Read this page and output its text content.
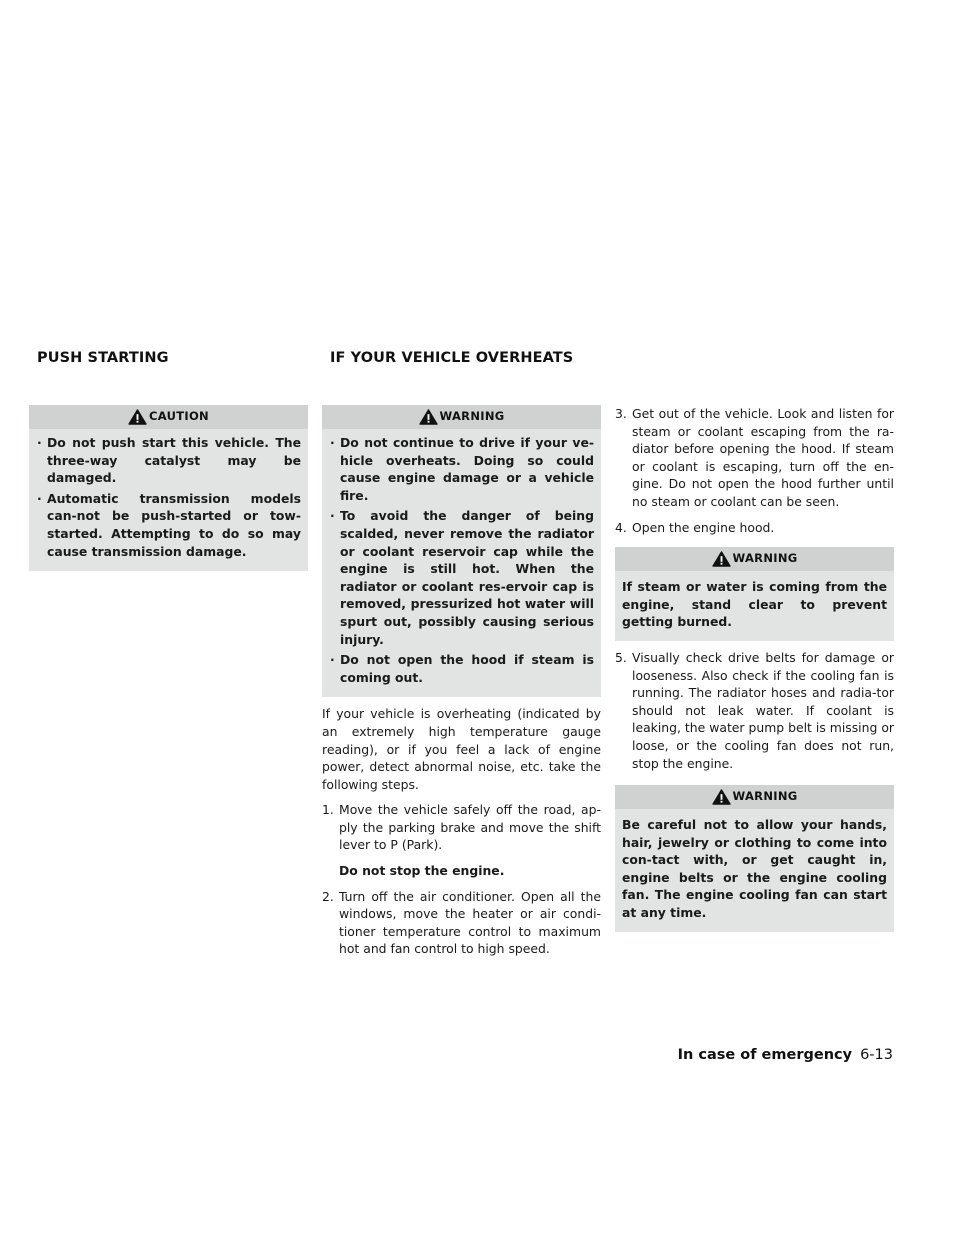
PUSH STARTING	IF YOUR VEHICLE OVERHEATS
CAUTION
· Do not push start this vehicle. The three-way catalyst may be damaged.
· Automatic transmission models can-not be push-started or tow-started. Attempting to do so may cause transmission damage.
WARNING
· Do not continue to drive if your ve-hicle overheats. Doing so could cause engine damage or a vehicle fire.
· To avoid the danger of being scalded, never remove the radiator or coolant reservoir cap while the engine is still hot. When the radiator or coolant res-ervoir cap is removed, pressurized hot water will spurt out, possibly causing serious injury.
· Do not open the hood if steam is coming out.

If your vehicle is overheating (indicated by an extremely high temperature gauge reading), or if you feel a lack of engine power, detect abnormal noise, etc. take the following steps.

1. Move the vehicle safely off the road, ap-ply the parking brake and move the shift lever to P (Park).
Do not stop the engine.
2. Turn off the air conditioner. Open all the windows, move the heater or air condi-tioner temperature control to maximum hot and fan control to high speed.
3. Get out of the vehicle. Look and listen for steam or coolant escaping from the ra-diator before opening the hood. If steam or coolant is escaping, turn off the en-gine. Do not open the hood further until no steam or coolant can be seen.
4. Open the engine hood.
WARNING

If steam or water is coming from the engine, stand clear to prevent getting burned.

5. Visually check drive belts for damage or looseness. Also check if the cooling fan is running. The radiator hoses and radia-tor should not leak water. If coolant is leaking, the water pump belt is missing or loose, or the cooling fan does not run, stop the engine.
WARNING

Be careful not to allow your hands, hair, jewelry or clothing to come into con-tact with, or get caught in, engine belts or the engine cooling fan. The engine cooling fan can start at any time.

In case of emergency 6-13
